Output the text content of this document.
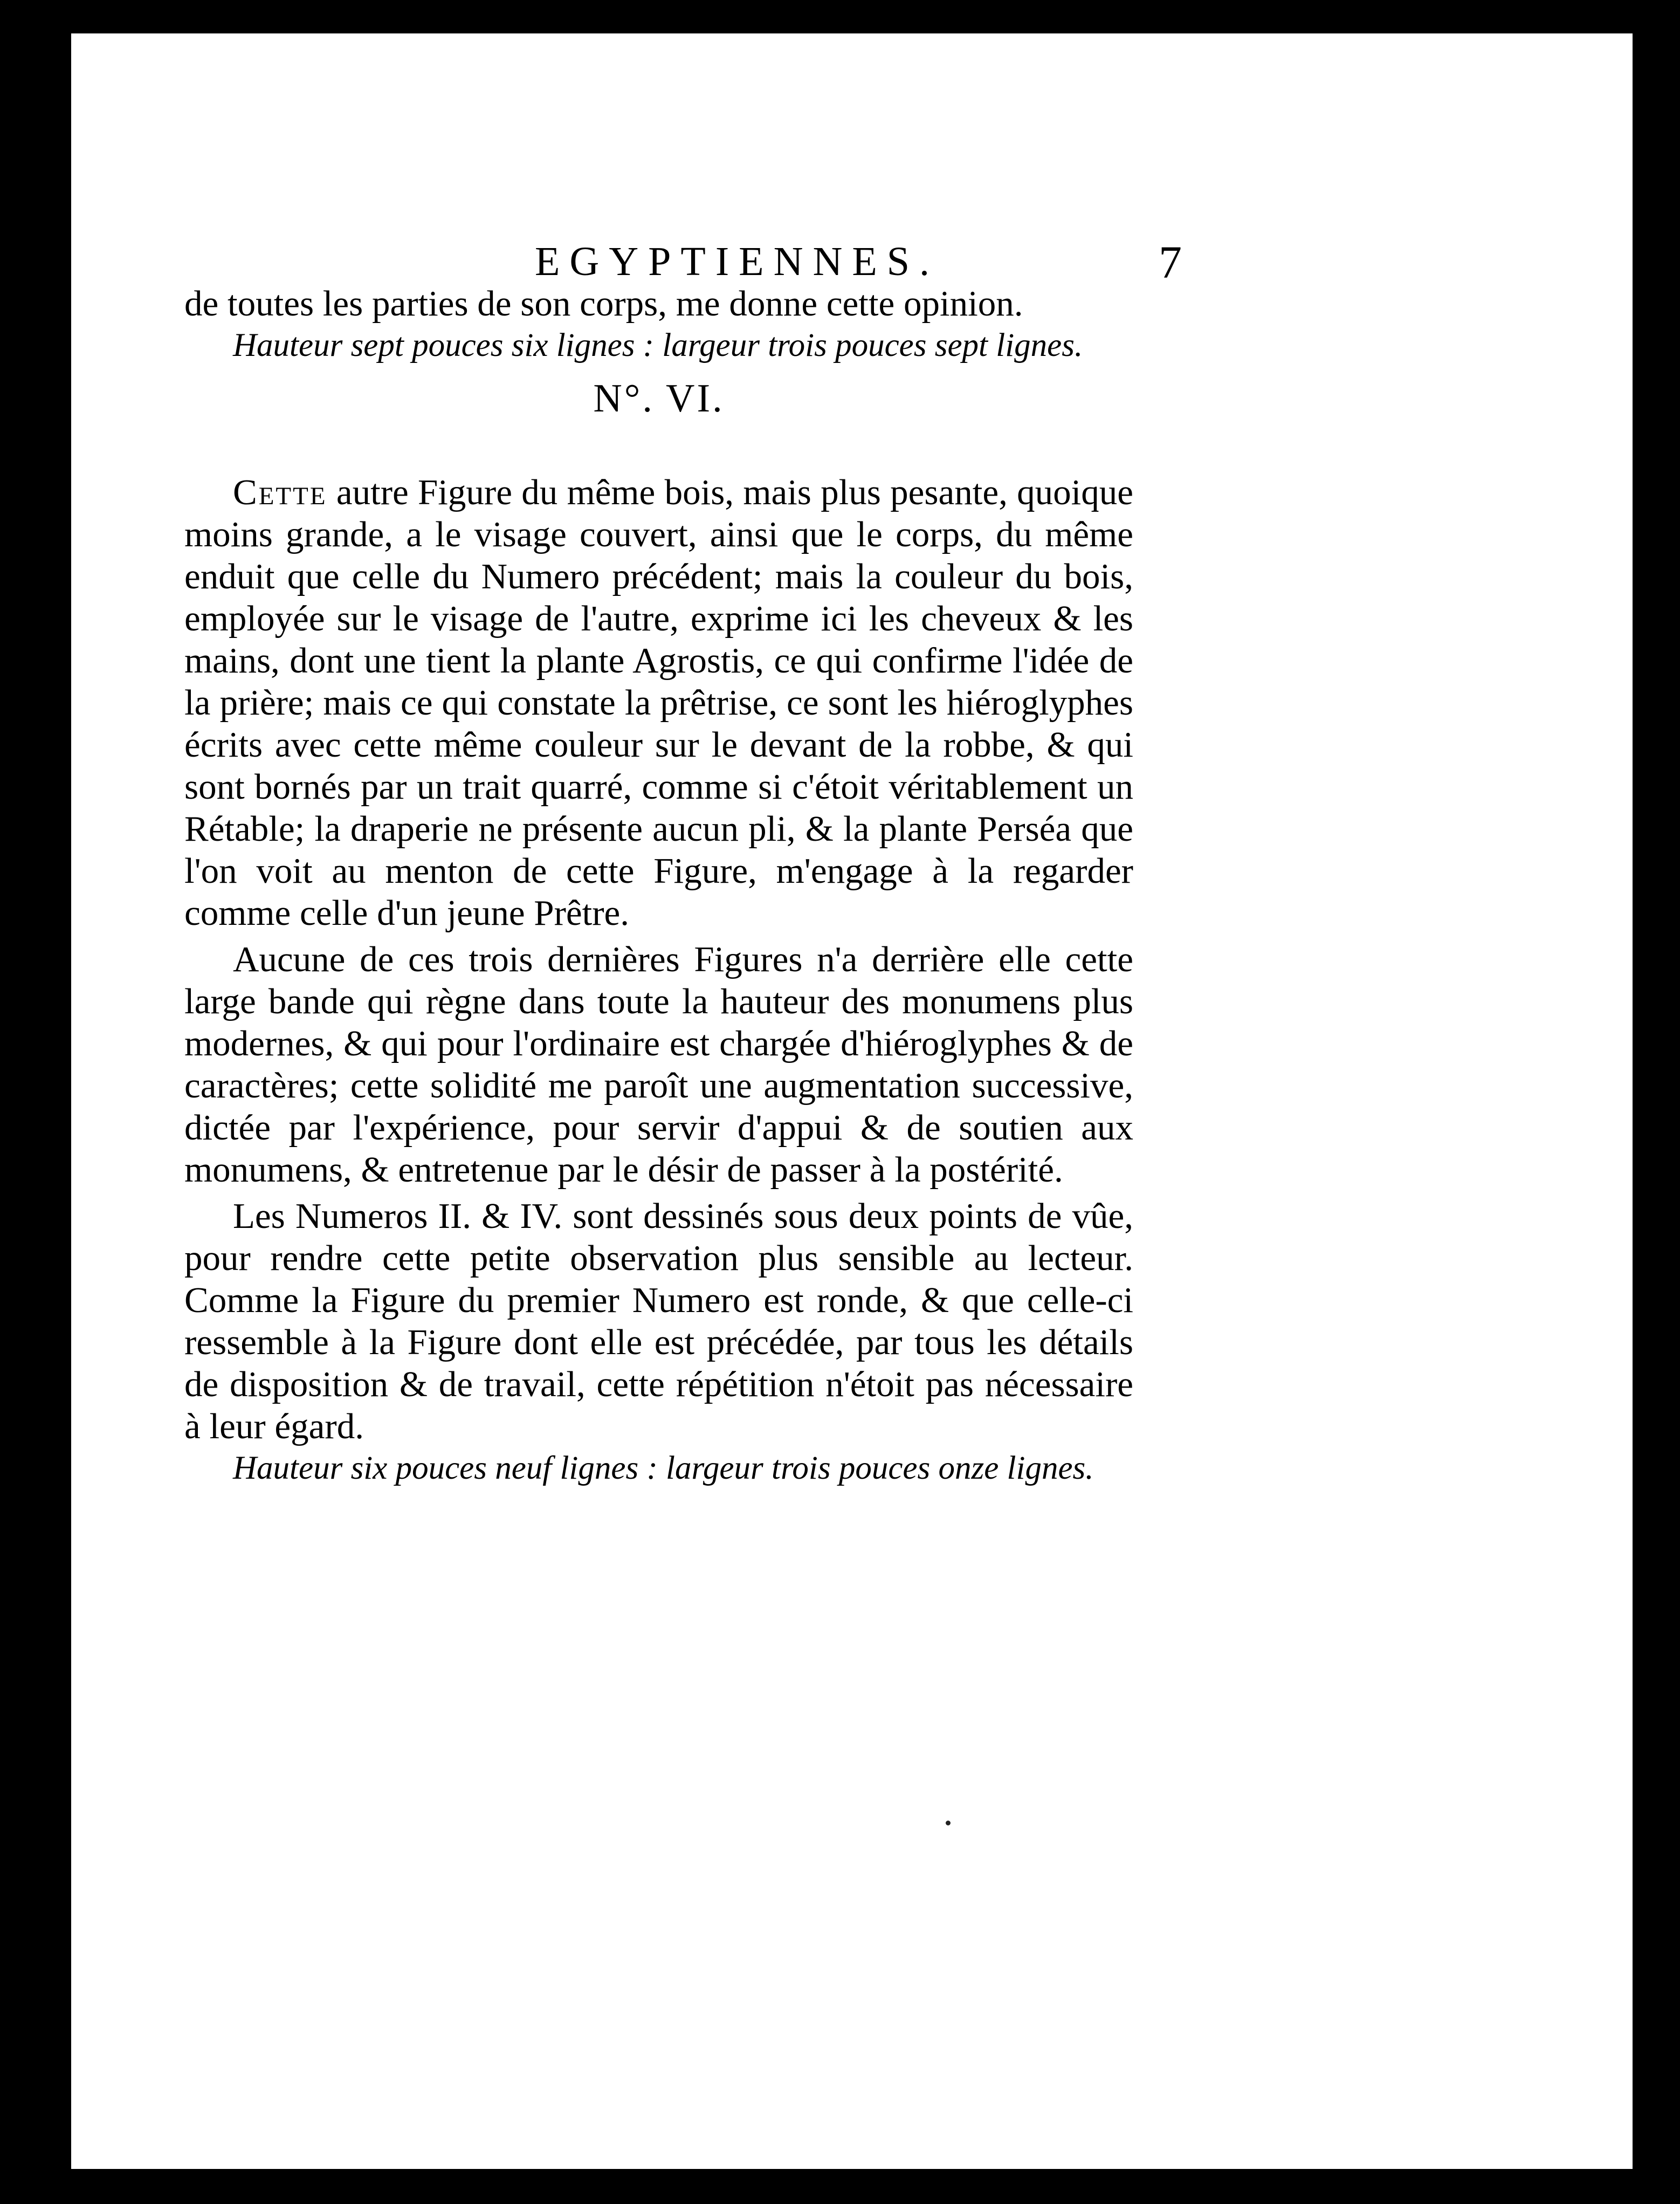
EGYPTIENNES.	7

de toutes les parties de son corps, me donne cette opinion.

Hauteur sept pouces six lignes : largeur trois pouces sept lignes.

N°. VI.

Cette autre Figure du même bois, mais plus pesante, quoique moins grande, a le visage couvert, ainsi que le corps, du même enduit que celle du Numero précédent; mais la couleur du bois, employée sur le visage de l'autre, exprime ici les cheveux & les mains, dont une tient la plante Agrostis, ce qui confirme l'idée de la prière; mais ce qui constate la prêtrise, ce sont les hiéroglyphes écrits avec cette même couleur sur le devant de la robbe, & qui sont bornés par un trait quarré, comme si c'étoit véritablement un Rétable; la draperie ne présente aucun pli, & la plante Perséa que l'on voit au menton de cette Figure, m'engage à la regarder comme celle d'un jeune Prêtre.

Aucune de ces trois dernières Figures n'a derrière elle cette large bande qui règne dans toute la hauteur des monumens plus modernes, & qui pour l'ordinaire est chargée d'hiéroglyphes & de caractères; cette solidité me paroît une augmentation successive, dictée par l'expérience, pour servir d'appui & de soutien aux monumens, & entretenue par le désir de passer à la postérité.

Les Numeros II. & IV. sont dessinés sous deux points de vûe, pour rendre cette petite observation plus sensible au lecteur. Comme la Figure du premier Numero est ronde, & que celle-ci ressemble à la Figure dont elle est précédée, par tous les détails de disposition & de travail, cette répétition n'étoit pas nécessaire à leur égard.

Hauteur six pouces neuf lignes : largeur trois pouces onze lignes.
